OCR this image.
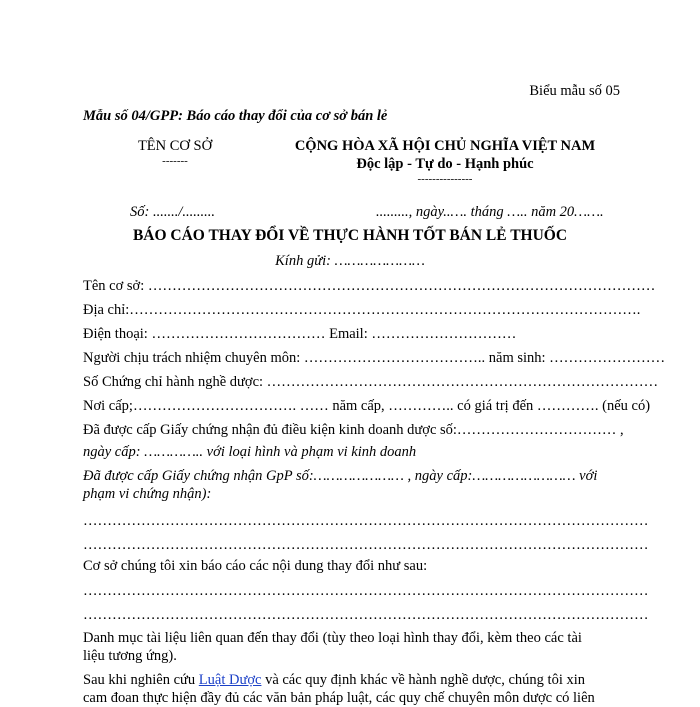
Biểu mẫu số 05
Mẫu số 04/GPP: Báo cáo thay đổi của cơ sở bán lẻ
TÊN CƠ SỞ
-------
CỘNG HÒA XÃ HỘI CHỦ NGHĨA VIỆT NAM
Độc lập - Tự do - Hạnh phúc
---------------
Số: ......./.........	........., ngày..…. tháng ….. năm 20…….
BÁO CÁO THAY ĐỔI VỀ THỰC HÀNH TỐT BÁN LẺ THUỐC
Kính gửi: …………………
Tên cơ sở: ……………………………………………………………………………………………
Địa chỉ:…………………………………………………………………………………………….
Điện thoại: ……………………………… Email: …………………………
Người chịu trách nhiệm chuyên môn: ……………………………….. năm sinh: ……………………
Số Chứng chỉ hành nghề dược: ………………………………………………………………………
Nơi cấp;……………………………. …… năm cấp, ………….. có giá trị đến …………. (nếu có)
Đã được cấp Giấy chứng nhận đủ điều kiện kinh doanh dược số:…………………………… ,
ngày cấp: ………….. với loại hình và phạm vi kinh doanh
Đã được cấp Giấy chứng nhận GpP số:………………… , ngày cấp:…………………… với
phạm vi chứng nhận):
………………………………………………………………………………………………………
………………………………………………………………………………………………………
Cơ sở chúng tôi xin báo cáo các nội dung thay đổi như sau:
………………………………………………………………………………………………………
………………………………………………………………………………………………………
Danh mục tài liệu liên quan đến thay đổi (tùy theo loại hình thay đổi, kèm theo các tài
liệu tương ứng).
Sau khi nghiên cứu Luật Dược và các quy định khác về hành nghề dược, chúng tôi xin
cam đoan thực hiện đầy đủ các văn bản pháp luật, các quy chế chuyên môn dược có liên
